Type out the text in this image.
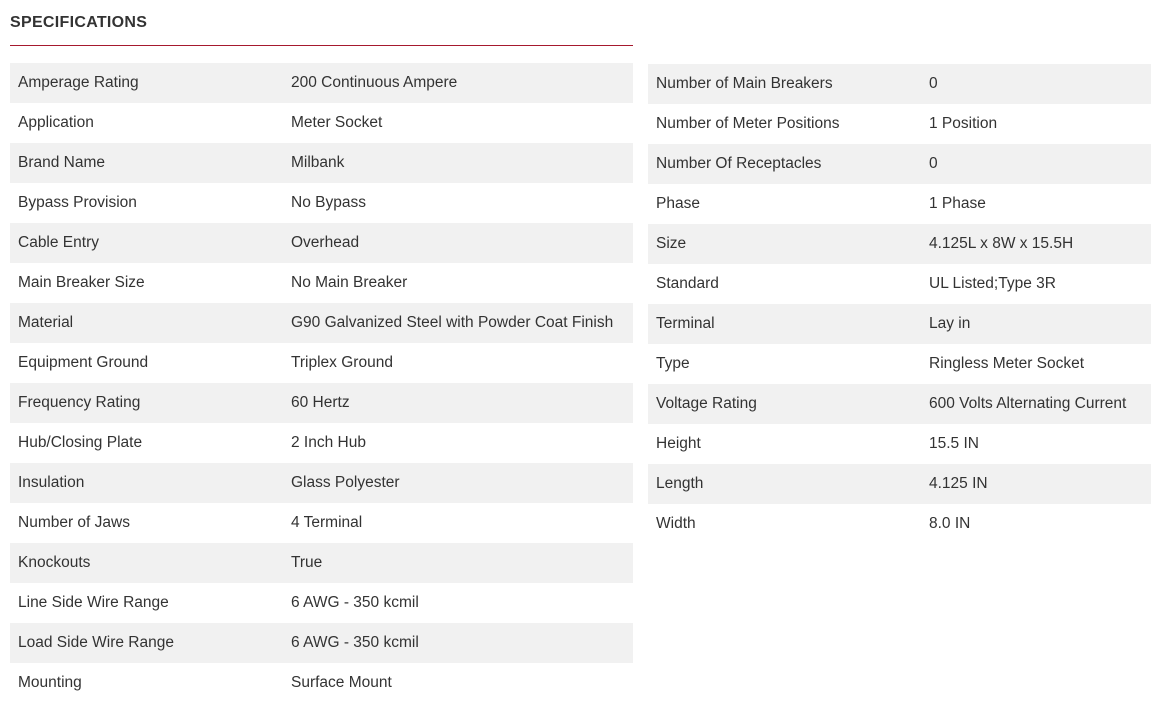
SPECIFICATIONS
Amperage Rating	200 Continuous Ampere
Application	Meter Socket
Brand Name	Milbank
Bypass Provision	No Bypass
Cable Entry	Overhead
Main Breaker Size	No Main Breaker
Material	G90 Galvanized Steel with Powder Coat Finish
Equipment Ground	Triplex Ground
Frequency Rating	60 Hertz
Hub/Closing Plate	2 Inch Hub
Insulation	Glass Polyester
Number of Jaws	4 Terminal
Knockouts	True
Line Side Wire Range	6 AWG - 350 kcmil
Load Side Wire Range	6 AWG - 350 kcmil
Mounting	Surface Mount
Number of Main Breakers	0
Number of Meter Positions	1 Position
Number Of Receptacles	0
Phase	1 Phase
Size	4.125L x 8W x 15.5H
Standard	UL Listed;Type 3R
Terminal	Lay in
Type	Ringless Meter Socket
Voltage Rating	600 Volts Alternating Current
Height	15.5 IN
Length	4.125 IN
Width	8.0 IN
